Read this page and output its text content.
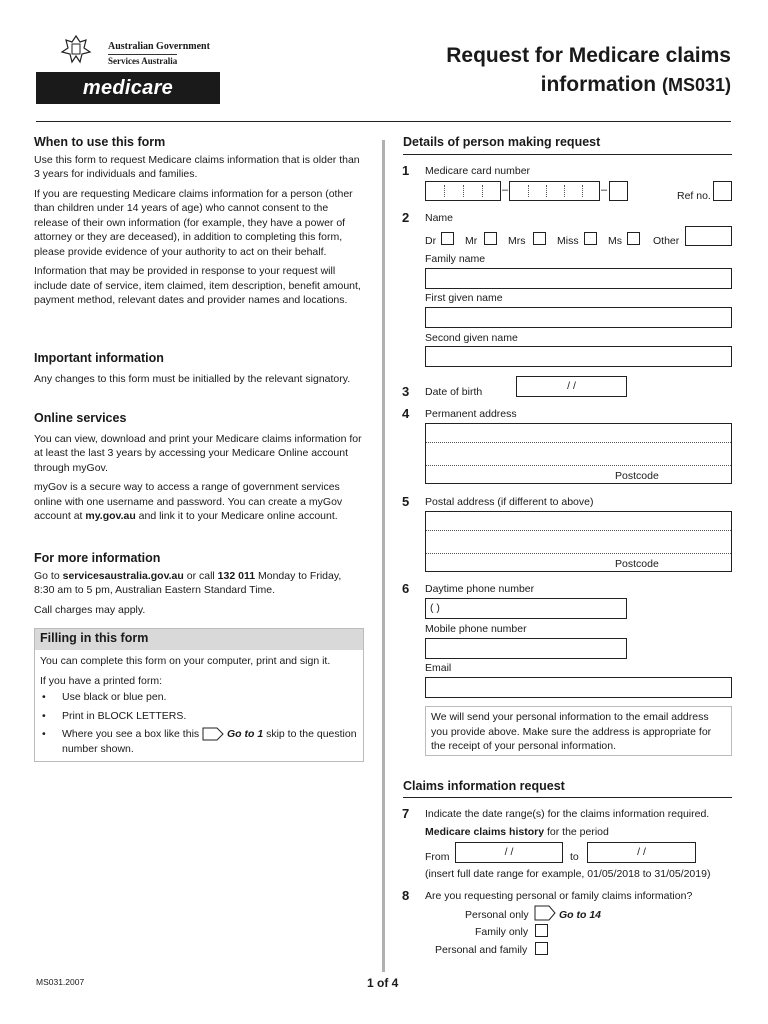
Australian Government
Services Australia
medicare
Request for Medicare claims
information (MS031)
When to use this form
Use this form to request Medicare claims information that is older than 3 years for individuals and families.
If you are requesting Medicare claims information for a person (other than children under 14 years of age) who cannot consent to the release of their own information (for example, they have a power of attorney or they are deceased), in addition to completing this form, please provide evidence of your authority to act on their behalf.
Information that may be provided in response to your request will include date of service, item claimed, item description, benefit amount, payment method, relevant dates and provider names and locations.
Important information
Any changes to this form must be initialled by the relevant signatory.
Online services
You can view, download and print your Medicare claims information for at least the last 3 years by accessing your Medicare Online account through myGov.
myGov is a secure way to access a range of government services online with one username and password. You can create a myGov account at my.gov.au and link it to your Medicare online account.
For more information
Go to servicesaustralia.gov.au or call 132 011 Monday to Friday, 8:30 am to 5 pm, Australian Eastern Standard Time.
Call charges may apply.
Filling in this form
You can complete this form on your computer, print and sign it.
If you have a printed form:
• Use black or blue pen.
• Print in BLOCK LETTERS.
• Where you see a box like this	Go to 1 skip to the question number shown.
Details of person making request
1 Medicare card number
–	–	Ref no.
2 Name
Dr	Mr	Mrs	Miss	Ms	Other
Family name
First given name
Second given name
3 Date of birth	/ /
4 Permanent address
Postcode
5 Postal address (if different to above)
Postcode
6 Daytime phone number
( )
Mobile phone number
Email
We will send your personal information to the email address you provide above. Make sure the address is appropriate for the receipt of your personal information.
Claims information request
7 Indicate the date range(s) for the claims information required.
Medicare claims history for the period
From	/ /	to	/ /
(insert full date range for example, 01/05/2018 to 31/05/2019)
8 Are you requesting personal or family claims information?
Personal only	Go to 14
Family only
Personal and family
MS031.2007	1 of 4
